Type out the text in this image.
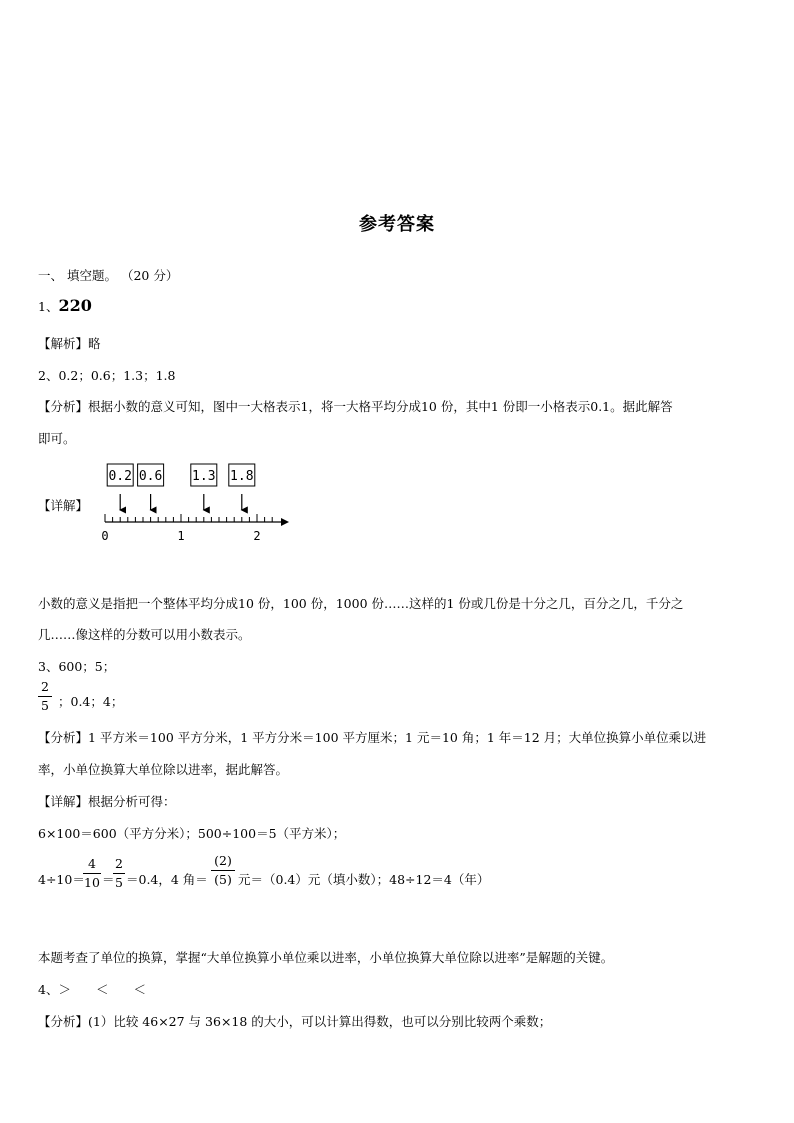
参考答案
一、 填空题。 （20 分）
1、220
【解析】略
2、0.2；0.6；1.3；1.8
【分析】根据小数的意义可知，图中一大格表示1，将一大格平均分成10 份，其中1 份即一小格表示0.1。据此解答
即可。
【详解】
0	1	2
0.2 0.6 1.3 1.8
小数的意义是指把一个整体平均分成10 份，100 份，1000 份……这样的1 份或几份是十分之几，百分之几，千分之
几……像这样的分数可以用小数表示。
3、600；5；
2
5 ；0.4；4；
【分析】1 平方米＝100 平方分米，1 平方分米＝100 平方厘米；1 元＝10 角；1 年＝12 月；大单位换算小单位乘以进
率，小单位换算大单位除以进率，据此解答。
【详解】根据分析可得：
6×100＝600（平方分米）；500÷100＝5（平方米）；
4÷10＝
4
10 ＝
2
5 ＝0.4，4 角＝
(2)
(5) 元＝（0.4）元（填小数）；48÷12＝4（年）
本题考查了单位的换算，掌握“大单位换算小单位乘以进率，小单位换算大单位除以进率”是解题的关键。
4、＞　　＜　　＜
【分析】(1）比较 46×27 与 36×18 的大小，可以计算出得数，也可以分别比较两个乘数；
